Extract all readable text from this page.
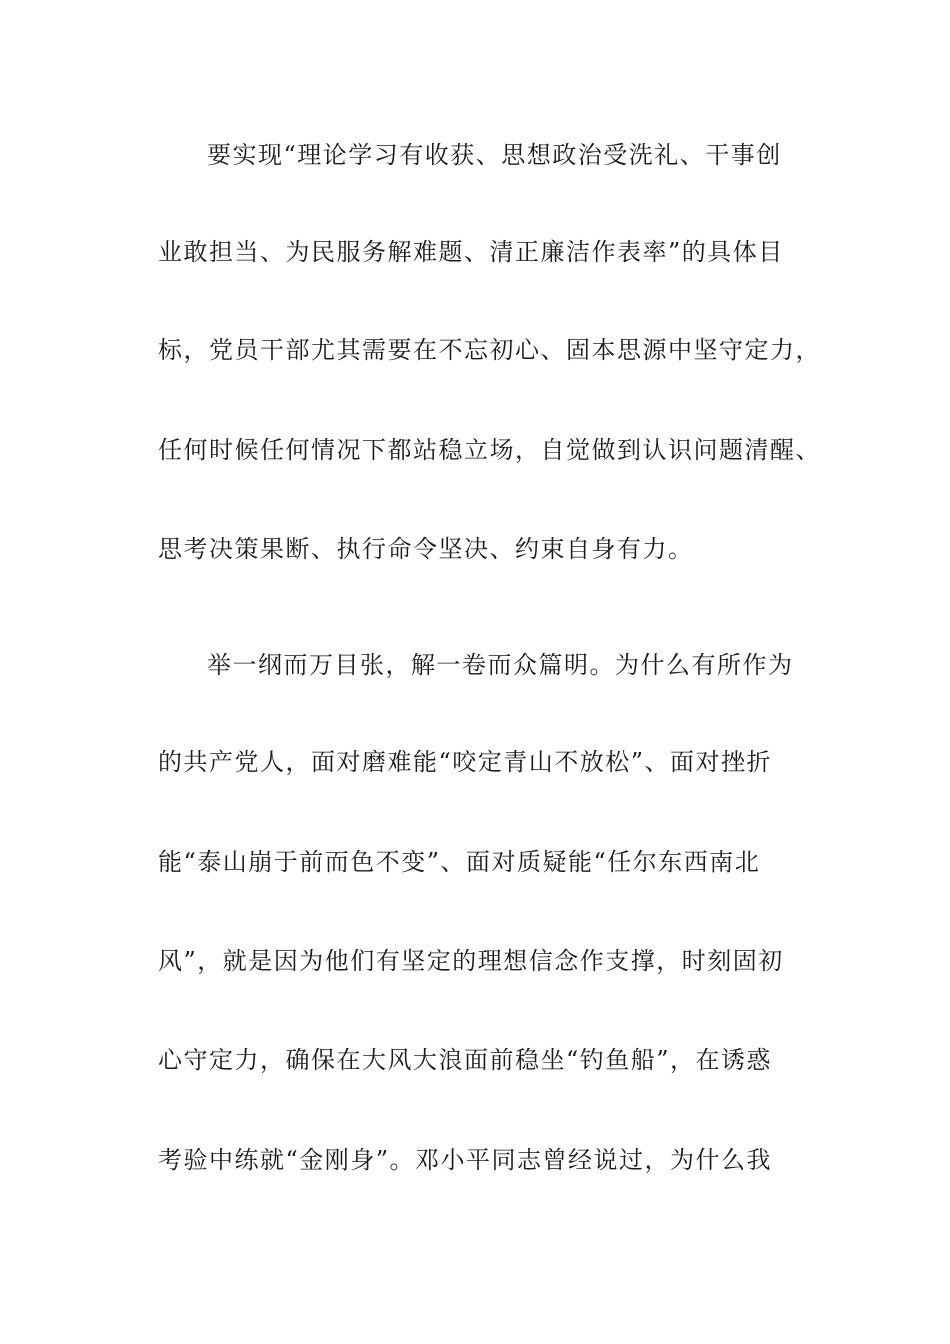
要实现“理论学习有收获、思想政治受洗礼、干事创
业敢担当、为民服务解难题、清正廉洁作表率”的具体目
标，党员干部尤其需要在不忘初心、固本思源中坚守定力，
任何时候任何情况下都站稳立场，自觉做到认识问题清醒、
思考决策果断、执行命令坚决、约束自身有力。
举一纲而万目张，解一卷而众篇明。为什么有所作为
的共产党人，面对磨难能“咬定青山不放松”、面对挫折
能“泰山崩于前而色不变”、面对质疑能“任尔东西南北
风”，就是因为他们有坚定的理想信念作支撑，时刻固初
心守定力，确保在大风大浪面前稳坐“钓鱼船”，在诱惑
考验中练就“金刚身”。邓小平同志曾经说过，为什么我
